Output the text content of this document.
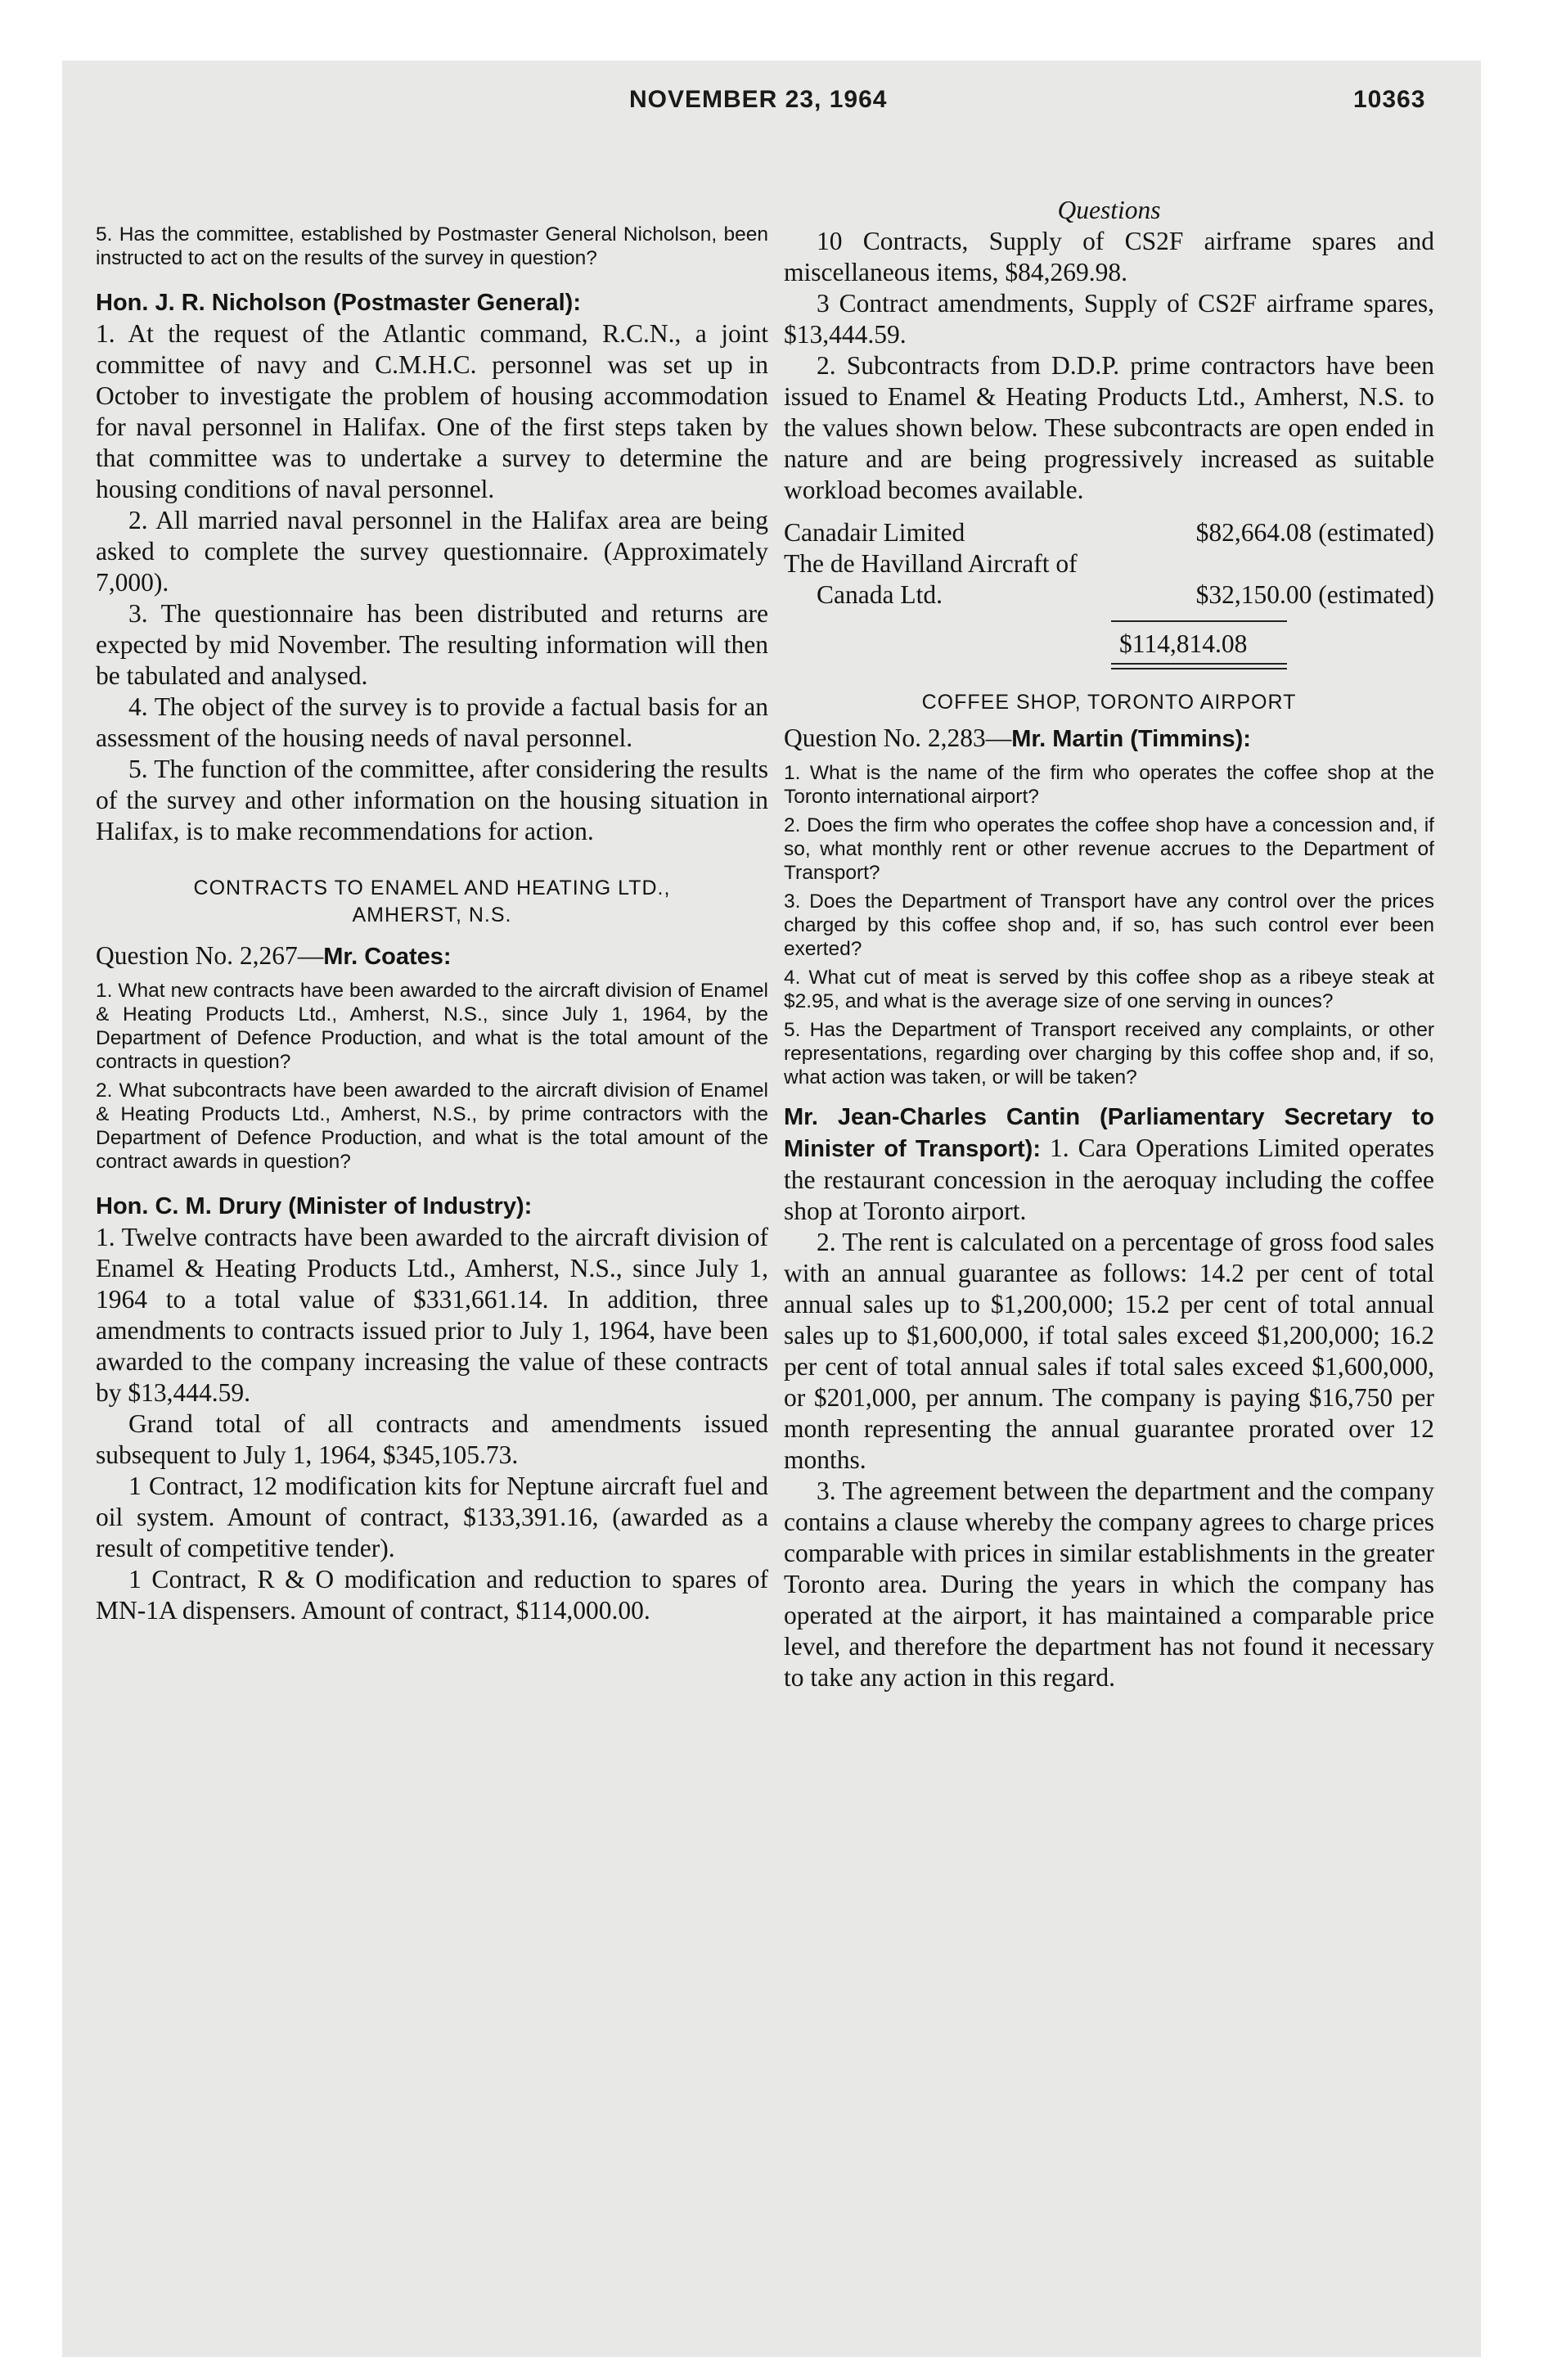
NOVEMBER 23, 1964	10363

5. Has the committee, established by Postmaster General Nicholson, been instructed to act on the results of the survey in question?

Hon. J. R. Nicholson (Postmaster General):

1. At the request of the Atlantic command, R.C.N., a joint committee of navy and C.M.H.C. personnel was set up in October to investigate the problem of housing accommodation for naval personnel in Halifax. One of the first steps taken by that committee was to undertake a survey to determine the housing conditions of naval personnel.

2. All married naval personnel in the Halifax area are being asked to complete the survey questionnaire. (Approximately 7,000).

3. The questionnaire has been distributed and returns are expected by mid November. The resulting information will then be tabulated and analysed.

4. The object of the survey is to provide a factual basis for an assessment of the housing needs of naval personnel.

5. The function of the committee, after considering the results of the survey and other information on the housing situation in Halifax, is to make recommendations for action.

CONTRACTS TO ENAMEL AND HEATING LTD.,

AMHERST, N.S.

Question No. 2,267—Mr. Coates:

1. What new contracts have been awarded to the aircraft division of Enamel & Heating Products Ltd., Amherst, N.S., since July 1, 1964, by the Department of Defence Production, and what is the total amount of the contracts in question?

2. What subcontracts have been awarded to the aircraft division of Enamel & Heating Products Ltd., Amherst, N.S., by prime contractors with the Department of Defence Production, and what is the total amount of the contract awards in question?

Hon. C. M. Drury (Minister of Industry):

1. Twelve contracts have been awarded to the aircraft division of Enamel & Heating Products Ltd., Amherst, N.S., since July 1, 1964 to a total value of $331,661.14. In addition, three amendments to contracts issued prior to July 1, 1964, have been awarded to the company increasing the value of these contracts by $13,444.59.

Grand total of all contracts and amendments issued subsequent to July 1, 1964, $345,105.73.

1 Contract, 12 modification kits for Neptune aircraft fuel and oil system. Amount of contract, $133,391.16, (awarded as a result of competitive tender).

1 Contract, R & O modification and reduction to spares of MN-1A dispensers. Amount of contract, $114,000.00.

Questions

10 Contracts, Supply of CS2F airframe spares and miscellaneous items, $84,269.98.

3 Contract amendments, Supply of CS2F airframe spares, $13,444.59.

2. Subcontracts from D.D.P. prime contractors have been issued to Enamel & Heating Products Ltd., Amherst, N.S. to the values shown below. These subcontracts are open ended in nature and are being progressively increased as suitable workload becomes available.

Canadair Limited	$82,664.08 (estimated)
The de Havilland Aircraft of
Canada Ltd.	$32,150.00 (estimated)
$114,814.08

COFFEE SHOP, TORONTO AIRPORT

Question No. 2,283—Mr. Martin (Timmins):

1. What is the name of the firm who operates the coffee shop at the Toronto international airport?

2. Does the firm who operates the coffee shop have a concession and, if so, what monthly rent or other revenue accrues to the Department of Transport?

3. Does the Department of Transport have any control over the prices charged by this coffee shop and, if so, has such control ever been exerted?

4. What cut of meat is served by this coffee shop as a ribeye steak at $2.95, and what is the average size of one serving in ounces?

5. Has the Department of Transport received any complaints, or other representations, regarding over charging by this coffee shop and, if so, what action was taken, or will be taken?

Mr. Jean-Charles Cantin (Parliamentary Secretary to Minister of Transport): 1. Cara Operations Limited operates the restaurant concession in the aeroquay including the coffee shop at Toronto airport.

2. The rent is calculated on a percentage of gross food sales with an annual guarantee as follows: 14.2 per cent of total annual sales up to $1,200,000; 15.2 per cent of total annual sales up to $1,600,000, if total sales exceed $1,200,000; 16.2 per cent of total annual sales if total sales exceed $1,600,000, or $201,000, per annum. The company is paying $16,750 per month representing the annual guarantee prorated over 12 months.

3. The agreement between the department and the company contains a clause whereby the company agrees to charge prices comparable with prices in similar establishments in the greater Toronto area. During the years in which the company has operated at the airport, it has maintained a comparable price level, and therefore the department has not found it necessary to take any action in this regard.
